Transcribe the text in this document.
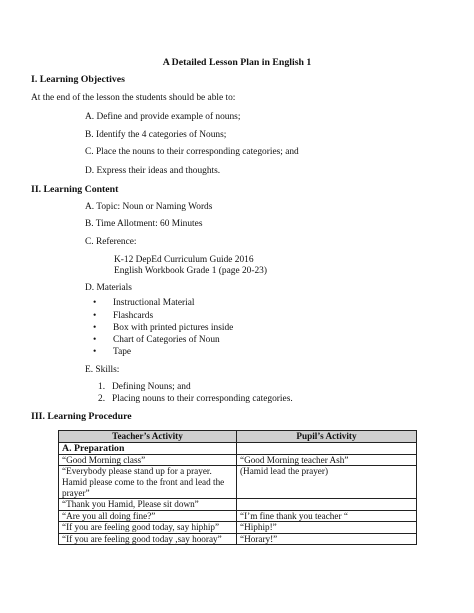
A Detailed Lesson Plan in English 1
I. Learning Objectives
At the end of the lesson the students should be able to:
A. Define and provide example of nouns;
B. Identify the 4 categories of Nouns;
C. Place the nouns to their corresponding categories; and
D. Express their ideas and thoughts.
II. Learning Content
A. Topic: Noun or Naming Words
B. Time Allotment: 60 Minutes
C. Reference:
K-12 DepEd Curriculum Guide 2016
English Workbook Grade 1 (page 20-23)
D. Materials
• Instructional Material
• Flashcards
• Box with printed pictures inside
• Chart of Categories of Noun
• Tape
E. Skills:
1. Defining Nouns; and
2. Placing nouns to their corresponding categories.
III. Learning Procedure
Teacher’s Activity	Pupil’s Activity
A. Preparation	
“Good Morning class”	“Good Morning teacher Ash”
“Everybody please stand up for a prayer. Hamid please come to the front and lead the prayer”	(Hamid lead the prayer)
“Thank you Hamid, Please sit down”	
“Are you all doing fine?”	“I’m fine thank you teacher “
“If you are feeling good today, say hiphip”	“Hiphip!”
“If you are feeling good today ,say hooray”	“Horary!”
